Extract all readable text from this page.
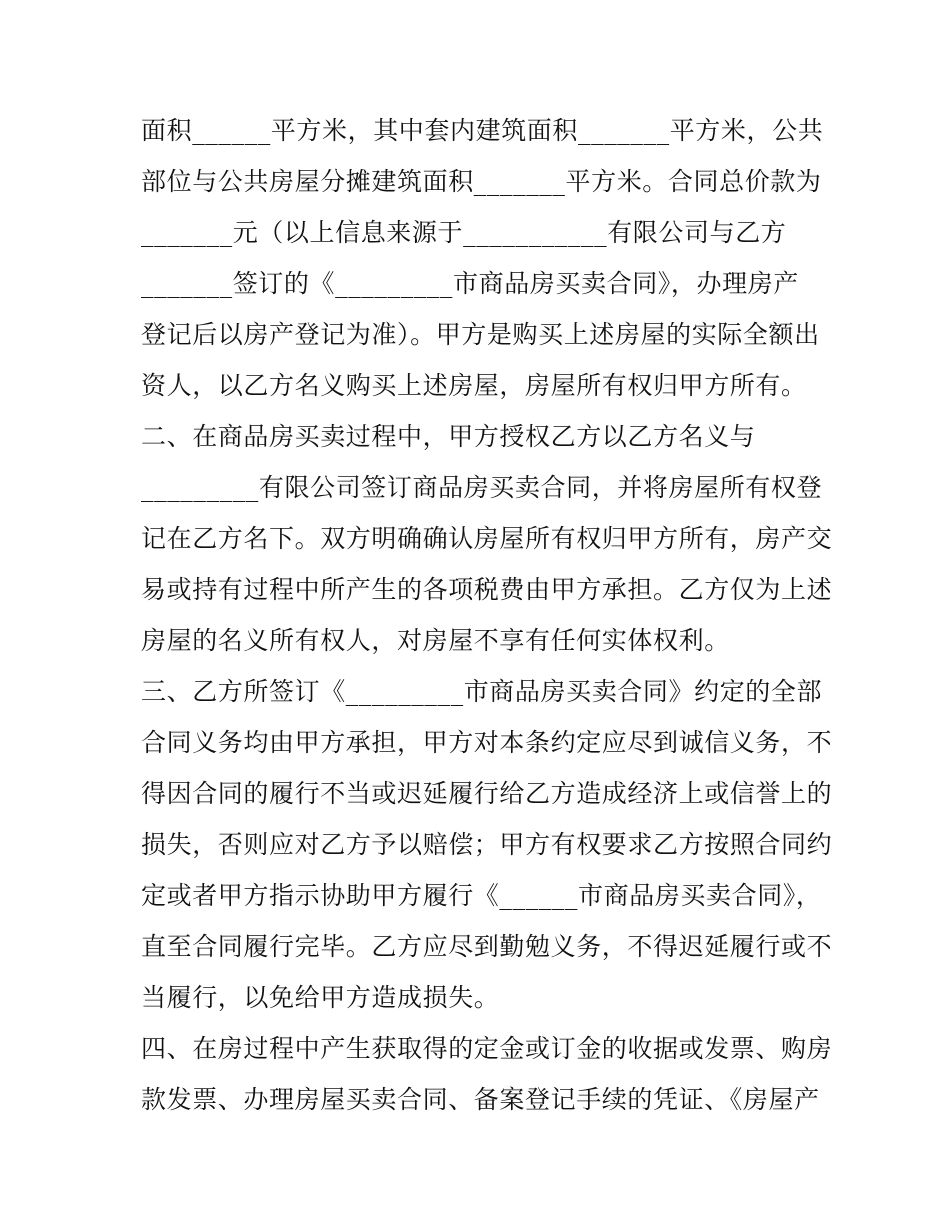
面积______平方米，其中套内建筑面积_______平方米，公共
部位与公共房屋分摊建筑面积_______平方米。合同总价款为
_______元（以上信息来源于___________有限公司与乙方
_______签订的《_________市商品房买卖合同》，办理房产
登记后以房产登记为准）。甲方是购买上述房屋的实际全额出
资人，以乙方名义购买上述房屋，房屋所有权归甲方所有。
二、在商品房买卖过程中，甲方授权乙方以乙方名义与
_________有限公司签订商品房买卖合同，并将房屋所有权登
记在乙方名下。双方明确确认房屋所有权归甲方所有，房产交
易或持有过程中所产生的各项税费由甲方承担。乙方仅为上述
房屋的名义所有权人，对房屋不享有任何实体权利。
三、乙方所签订《_________市商品房买卖合同》约定的全部
合同义务均由甲方承担，甲方对本条约定应尽到诚信义务，不
得因合同的履行不当或迟延履行给乙方造成经济上或信誉上的
损失，否则应对乙方予以赔偿；甲方有权要求乙方按照合同约
定或者甲方指示协助甲方履行《______市商品房买卖合同》，
直至合同履行完毕。乙方应尽到勤勉义务，不得迟延履行或不
当履行，以免给甲方造成损失。
四、在房过程中产生获取得的定金或订金的收据或发票、购房
款发票、办理房屋买卖合同、备案登记手续的凭证、《房屋产
